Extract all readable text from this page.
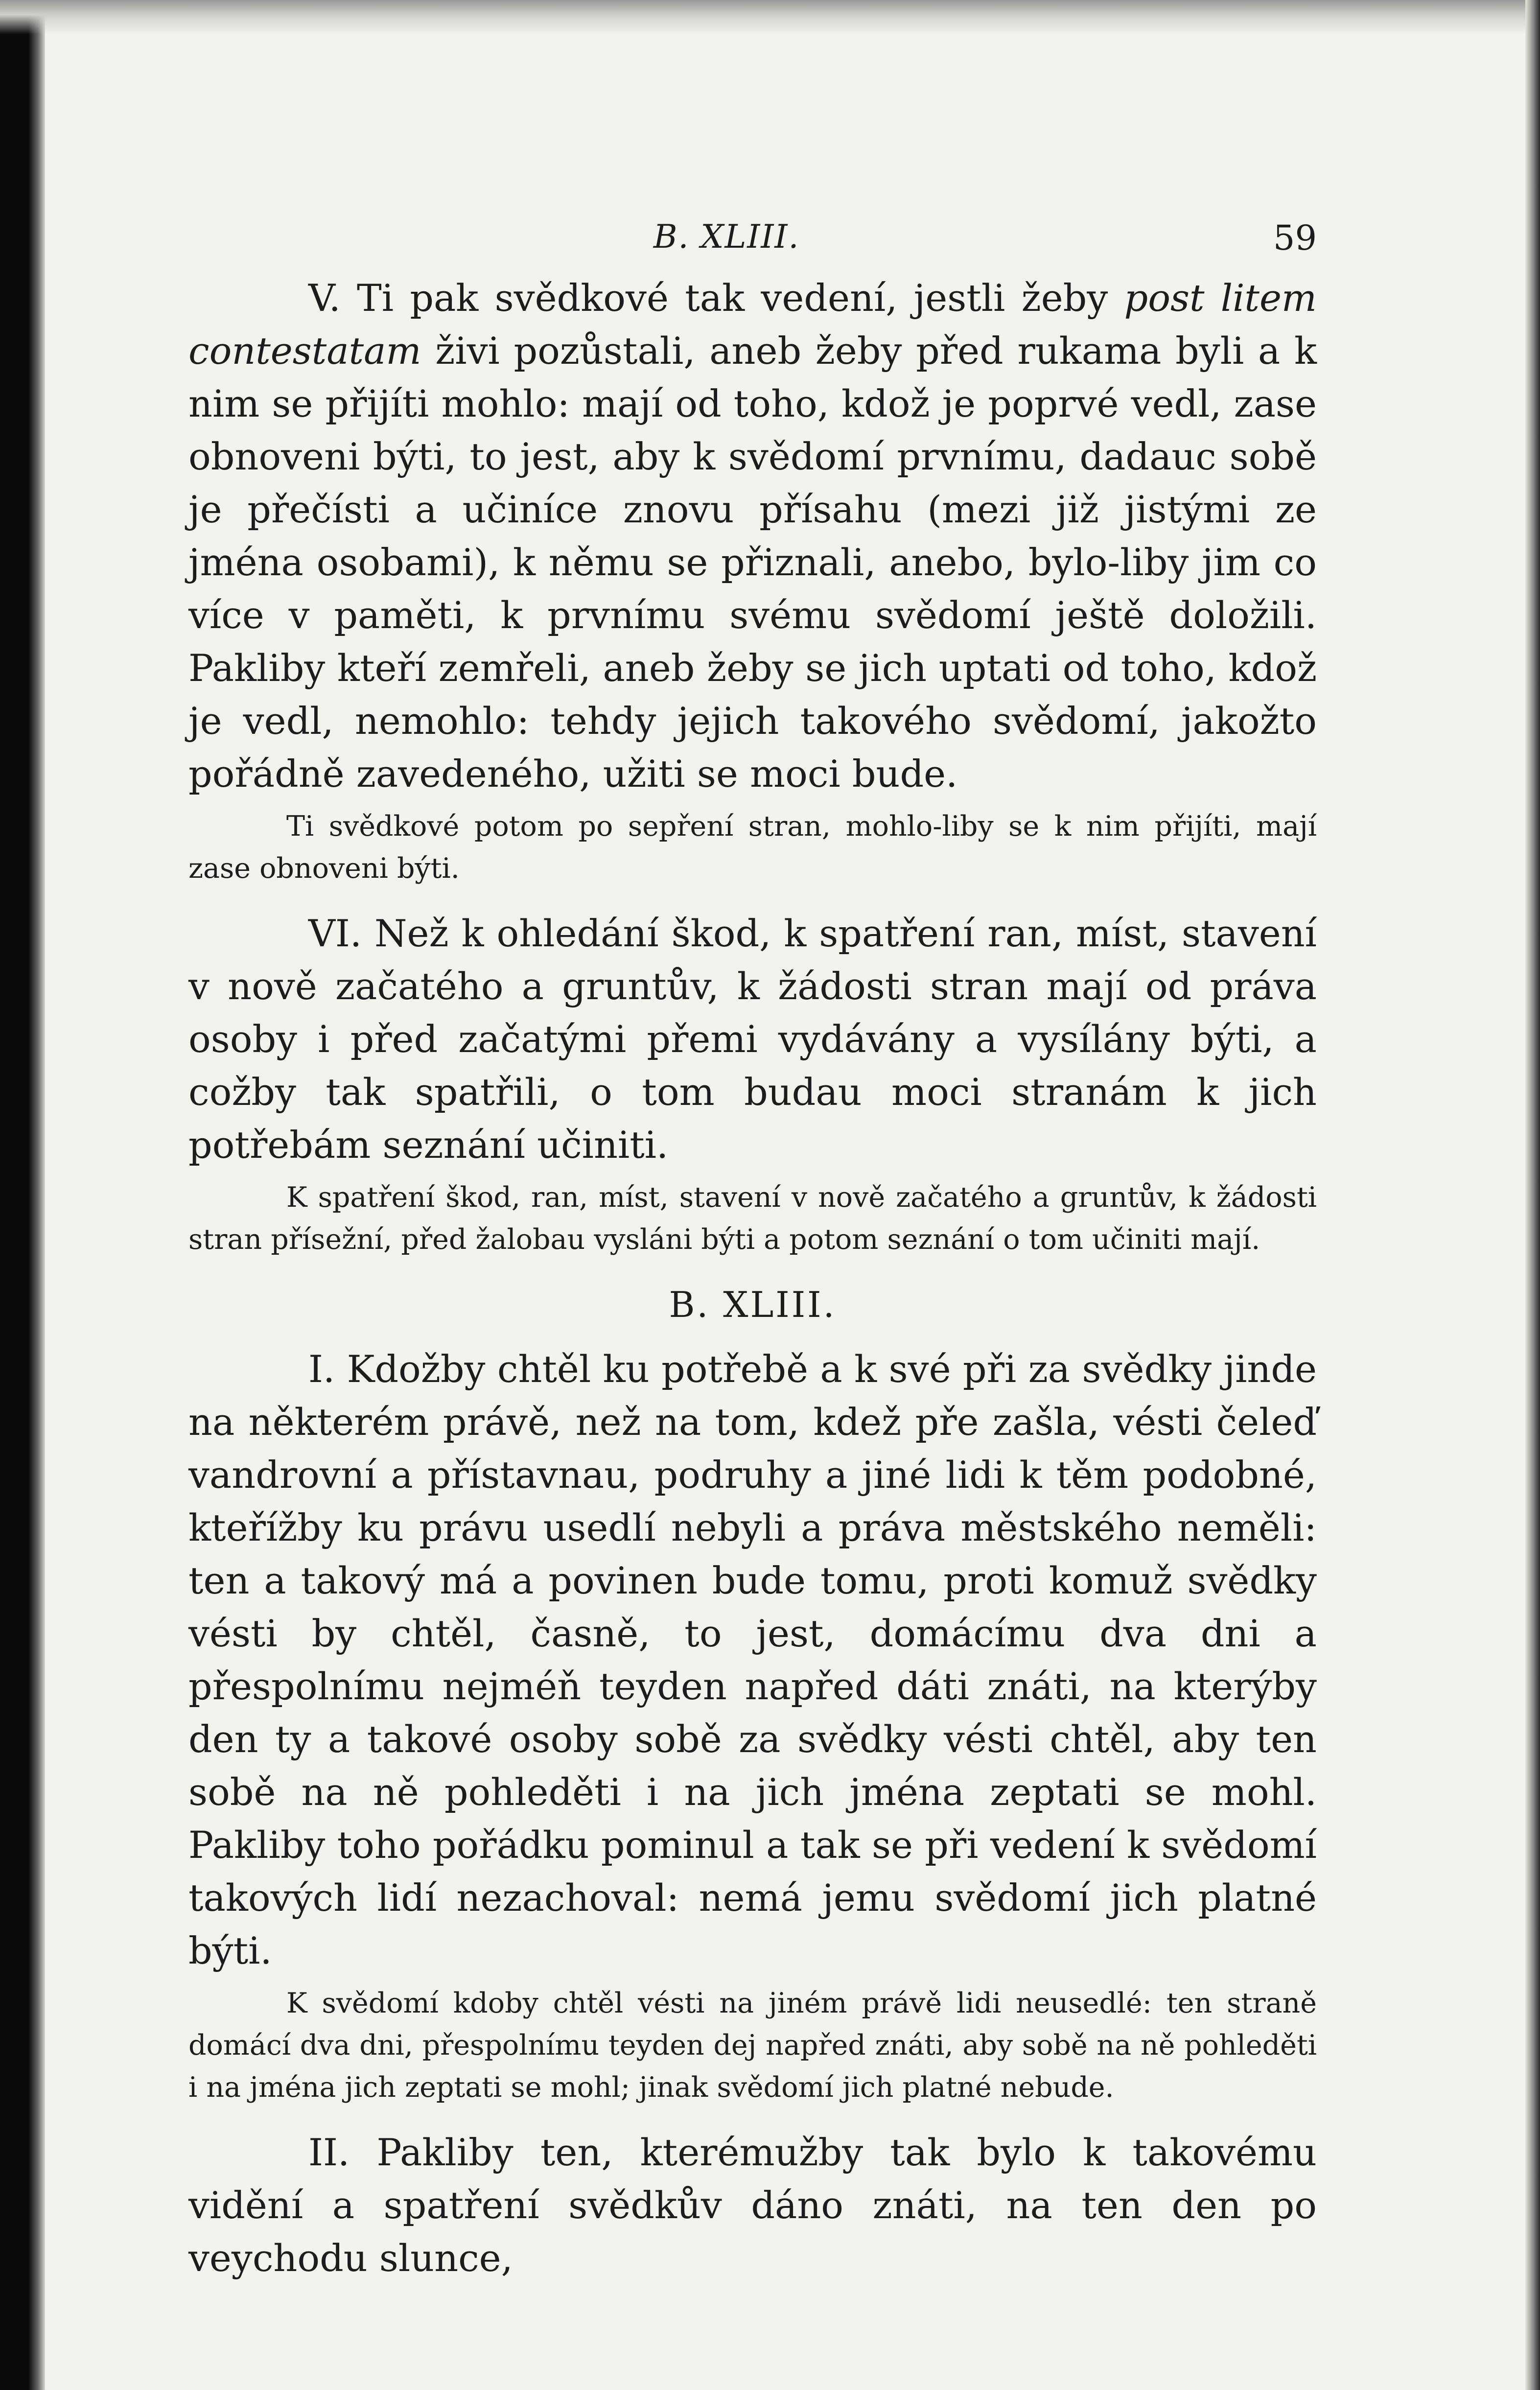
B. XLIII.	59

V. Ti pak svědkové tak vedení, jestli žeby post litem contestatam živi pozůstali, aneb žeby před rukama byli a k nim se přijíti mohlo: mají od toho, kdož je poprvé vedl, zase obnoveni býti, to jest, aby k svědomí prvnímu, dadauc sobě je přečísti a učiníce znovu přísahu (mezi již jistými ze jména osobami), k němu se přiznali, anebo, bylo-liby jim co více v paměti, k prvnímu svému svědomí ještě doložili. Pakliby kteří zemřeli, aneb žeby se jich uptati od toho, kdož je vedl, nemohlo: tehdy jejich takového svědomí, jakožto pořádně zavedeného, užiti se moci bude.

Ti svědkové potom po sepření stran, mohlo-liby se k nim přijíti, mají zase obnoveni býti.

VI. Než k ohledání škod, k spatření ran, míst, stavení v nově začatého a gruntův, k žádosti stran mají od práva osoby i před začatými přemi vydávány a vysílány býti, a cožby tak spatřili, o tom budau moci stranám k jich potřebám seznání učiniti.

K spatření škod, ran, míst, stavení v nově začatého a gruntův, k žádosti stran přísežní, před žalobau vysláni býti a potom seznání o tom učiniti mají.

B. XLIII.

I. Kdožby chtěl ku potřebě a k své při za svědky jinde na některém právě, než na tom, kdež pře zašla, vésti čeleď vandrovní a přístavnau, podruhy a jiné lidi k těm podobné, kteřížby ku právu usedlí nebyli a práva městského neměli: ten a takový má a povinen bude tomu, proti komuž svědky vésti by chtěl, časně, to jest, domácímu dva dni a přespolnímu nejméň teyden napřed dáti znáti, na kterýby den ty a takové osoby sobě za svědky vésti chtěl, aby ten sobě na ně pohleděti i na jich jména zeptati se mohl. Pakliby toho pořádku pominul a tak se při vedení k svědomí takových lidí nezachoval: nemá jemu svědomí jich platné býti.

K svědomí kdoby chtěl vésti na jiném právě lidi neusedlé: ten straně domácí dva dni, přespolnímu teyden dej napřed znáti, aby sobě na ně pohleděti i na jména jich zeptati se mohl; jinak svědomí jich platné nebude.

II. Pakliby ten, kterémužby tak bylo k takovému vidění a spatření svědkův dáno znáti, na ten den po veychodu slunce,
